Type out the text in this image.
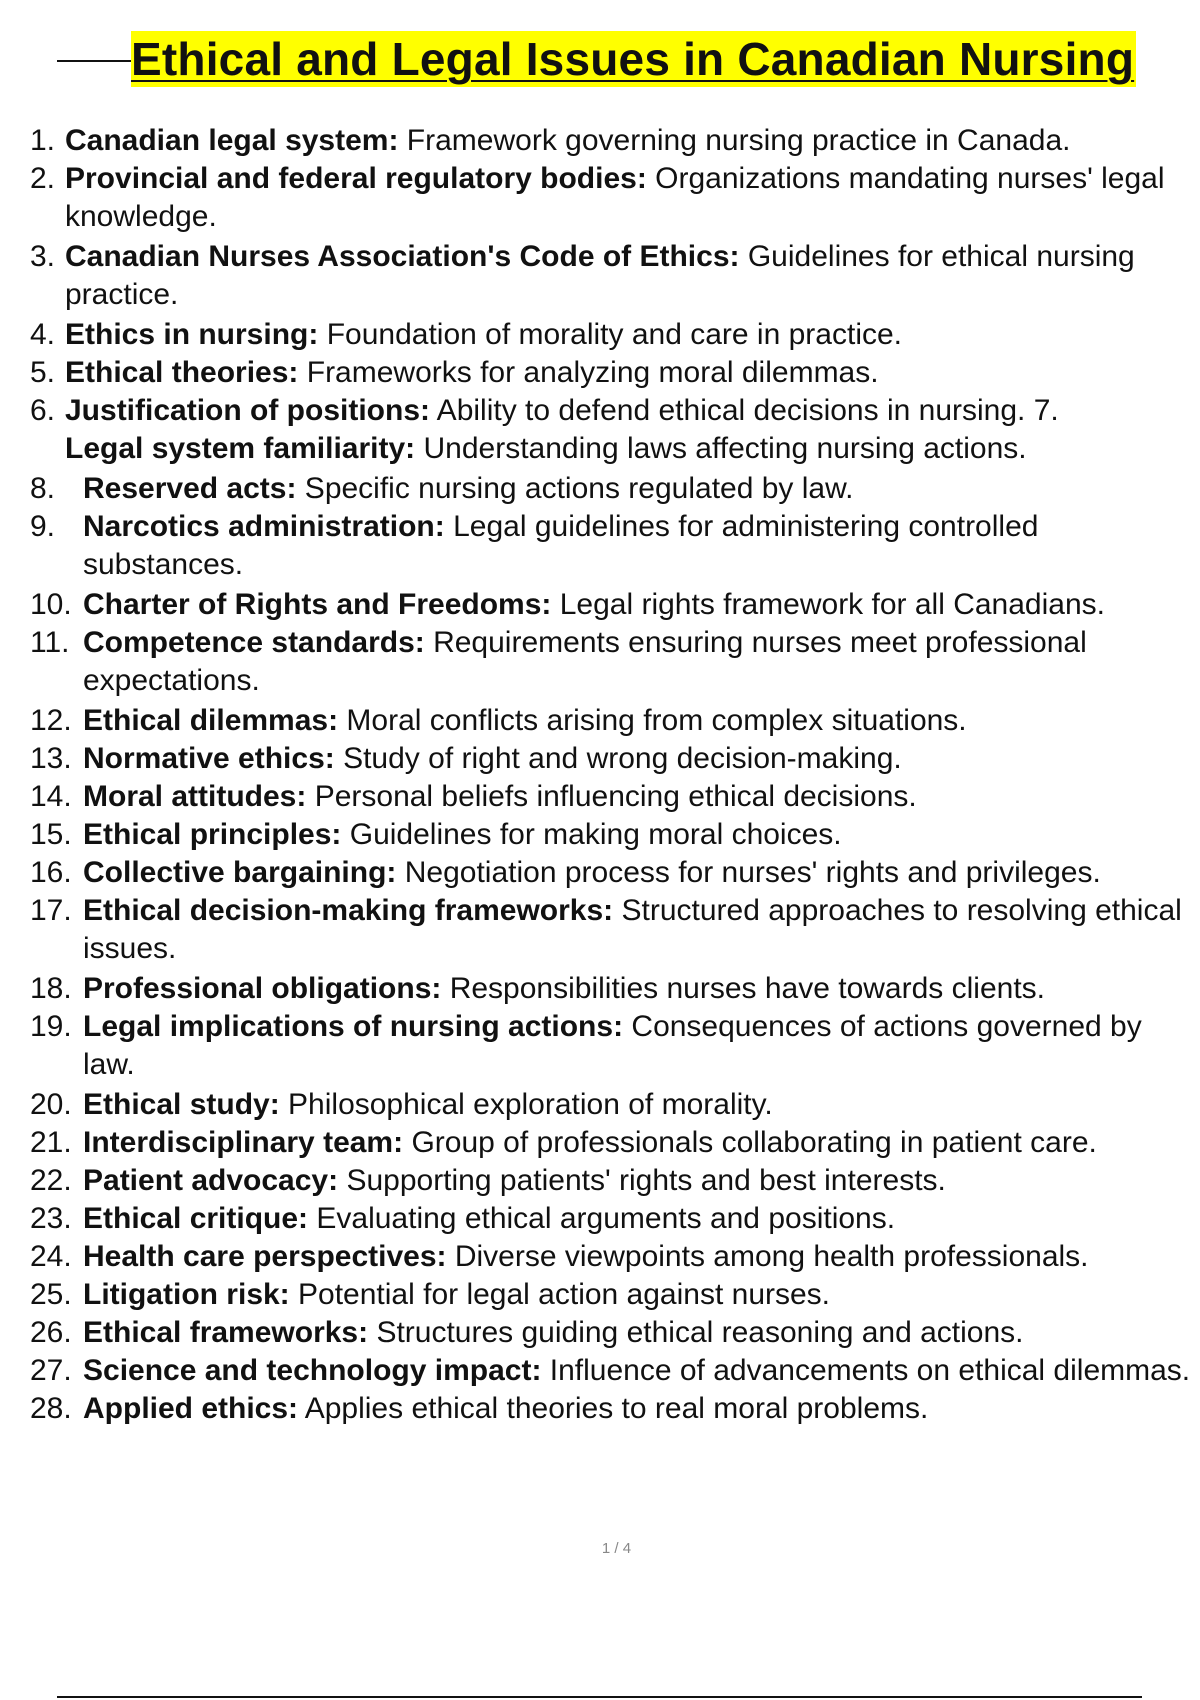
Ethical and Legal Issues in Canadian Nursing
1. Canadian legal system: Framework governing nursing practice in Canada.
2. Provincial and federal regulatory bodies: Organizations mandating nurses' legal knowledge.
3. Canadian Nurses Association's Code of Ethics: Guidelines for ethical nursing practice.
4. Ethics in nursing: Foundation of morality and care in practice.
5. Ethical theories: Frameworks for analyzing moral dilemmas.
6. Justification of positions: Ability to defend ethical decisions in nursing. 7.
Legal system familiarity: Understanding laws affecting nursing actions.
8. Reserved acts: Specific nursing actions regulated by law.
9. Narcotics administration: Legal guidelines for administering controlled substances.
10. Charter of Rights and Freedoms: Legal rights framework for all Canadians.
11. Competence standards: Requirements ensuring nurses meet professional expectations.
12. Ethical dilemmas: Moral conflicts arising from complex situations.
13. Normative ethics: Study of right and wrong decision-making.
14. Moral attitudes: Personal beliefs influencing ethical decisions.
15. Ethical principles: Guidelines for making moral choices.
16. Collective bargaining: Negotiation process for nurses' rights and privileges.
17. Ethical decision-making frameworks: Structured approaches to resolving ethical issues.
18. Professional obligations: Responsibilities nurses have towards clients.
19. Legal implications of nursing actions: Consequences of actions governed by law.
20. Ethical study: Philosophical exploration of morality.
21. Interdisciplinary team: Group of professionals collaborating in patient care.
22. Patient advocacy: Supporting patients' rights and best interests.
23. Ethical critique: Evaluating ethical arguments and positions.
24. Health care perspectives: Diverse viewpoints among health professionals.
25. Litigation risk: Potential for legal action against nurses.
26. Ethical frameworks: Structures guiding ethical reasoning and actions.
27. Science and technology impact: Influence of advancements on ethical dilemmas.
28. Applied ethics: Applies ethical theories to real moral problems.
1 / 4
